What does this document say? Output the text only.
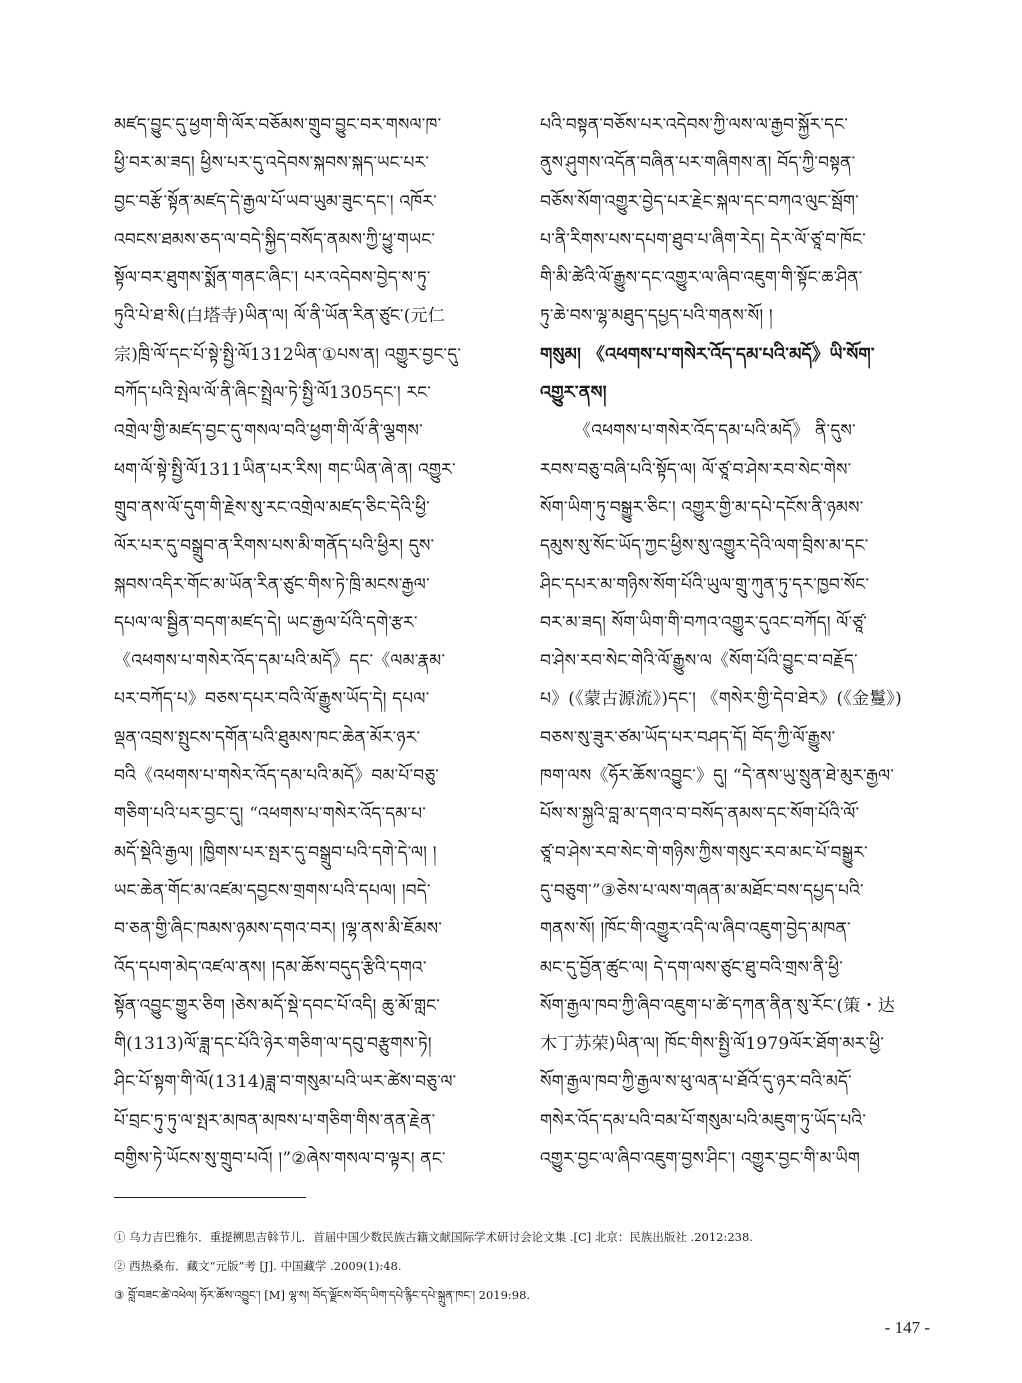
མཛད་བྱུང་དུ་ཕྱག་གི་ལོར་བཅོམས་གྲུབ་བྱུང་བར་གསལ་ཁ་
ཕྱི་བར་མ་ཟད། ཕྱིས་པར་དུ་འདེབས་སྐབས་སྐད་ཡང་པར་
བྱང་བརྩོ་སྟོན་མཛད་དེ་རྒྱལ་པོ་ཡབ་ཡུམ་ཟུང་དང་། འཁོར་
འབངས་ཐམས་ཅད་ལ་བདེ་སྐྱིད་བསོད་ནམས་ཀྱི་ཕྱུ་གཡང་
སྟོལ་བར་ཐུགས་སྨོན་གནང་ཞིང་། པར་འདེབས་བྱེད་ས་ཏུ་
ཏུའི་པེ་ཐ་སི(白塔寺)ཡིན་ལ། ལོ་ནི་ཡོན་རིན་ཙུང་(元仁
宗)ཁྲི་ལོ་དང་པོ་སྟེ་སྤྱི་ལོ1312ཡིན་①པས་ན། འགྱུར་བྱང་དུ་
བཀོད་པའི་སྤེལ་ལོ་ནི་ཞིང་སྤྲེལ་ཏེ་སྤྱི་ལོ1305དང་། རང་
འགྲེལ་གྱི་མཛད་བྱང་དུ་གསལ་བའི་ཕྱག་གི་ལོ་ནི་ལྕགས་
ཕག་ལོ་སྟེ་སྤྱི་ལོ1311ཡིན་པར་རིས། གང་ཡིན་ཞེ་ན། འགྱུར་
གྲུབ་ནས་ལོ་དུག་གི་རྗེས་སུ་རང་འགྲེལ་མཛད་ཅིང་དེའི་ཕྱི་
ལོར་པར་དུ་བསྒྲུབ་ན་རིགས་པས་མི་གནོད་པའི་ཕྱིར། དུས་
སྐབས་འདིར་གོང་མ་ཡོན་རིན་ཙུང་གིས་ཏེ་ཁྲི་མངས་རྒྱལ་
དཔལ་ལ་སྦྱིན་བདག་མཛད་དེ། ཡང་རྒྱལ་པོའི་དགེ་རྩར་
《འཕགས་པ་གསེར་འོད་དམ་པའི་མདོ》དང་《ལམ་རྣམ་
པར་བཀོད་པ》བཅས་དཔར་བའི་ལོ་རྒྱུས་ཡོད་དེ། དཔལ་
ལྡན་འབྲས་སྤུངས་དགོན་པའི་ཐུམས་ཁང་ཆེན་མོར་ཉར་
བའི《འཕགས་པ་གསེར་འོད་དམ་པའི་མདོ》བམ་པོ་བཅུ་
གཅིག་པའི་པར་བྱང་དུ། “འཕགས་པ་གསེར་འོད་དམ་པ་
མདོ་སྡེའི་རྒྱལ། །ཁྱིགས་པར་སྤར་དུ་བསྒྲུབ་པའི་དགེ་དེ་ལ། །
ཡང་ཆེན་གོང་མ་འཛམ་དབྱངས་གྲགས་པའི་དཔལ། །བདེ་
བ་ཅན་གྱི་ཞིང་ཁམས་ཉམས་དགའ་བར། །ལྷ་ནས་མི་ཇོམས་
འོད་དཔག་མེད་འཛལ་ནས། །དམ་ཆོས་བདུད་རྩིའི་དགའ་
སྟོན་འབྱུང་གྱུར་ཅིག །ཅེས་མདོ་སྡེ་དབང་པོ་འདི། ཆུ་མོ་གླང་
གི(1313)ལོ་ཟླ་དང་པོའི་ཉེར་གཅིག་ལ་དབུ་བརྩུགས་ཏེ།
ཤིང་པོ་སྟག་གི་ལོ(1314)ཟླ་བ་གསུམ་པའི་ཡར་ཚེས་བཅུ་ལ་
པོ་བྲང་ཏུ་ཏུ་ལ་སྤར་མཁན་མཁས་པ་གཅིག་གིས་ནན་རྗེན་
བགྱིས་ཏེ་ཡོངས་སུ་གྲུབ་པའོ། །”②ཞེས་གསལ་བ་ལྟར། ནང་
པའི་བསྟན་བཅོས་པར་འདེབས་ཀྱི་ལས་ལ་རྒྱབ་སྐྱོར་དང་
ནུས་ཤུགས་འདོན་བཞིན་པར་གཞིགས་ན། བོད་ཀྱི་བསྟན་
བཅོས་སོག་འགྱུར་བྱེད་པར་རྗེང་སྐལ་དང་བཀའ་ལུང་སྦོག་
པ་ནི་རིགས་པས་དཔག་ཐུབ་པ་ཞིག་རེད། དེར་ལོ་ཙཱ་བ་ཁོང་
གི་མི་ཚེའི་ལོ་རྒྱུས་དང་འགྱུར་ལ་ཞིབ་འཇུག་གི་སྟོང་ཆ་ཤིན་
ཏུ་ཆེ་བས་ལྷ་མཐུད་དཔྱད་པའི་གནས་སོ། །
གསུམ། 《འཕགས་པ་གསེར་འོད་དམ་པའི་མདོ》ཡི་སོག་
འགྱུར་ནས།
《འཕགས་པ་གསེར་འོད་དམ་པའི་མདོ》 ནི་དུས་
རབས་བཅུ་བཞི་པའི་སྟོད་ལ། ལོ་ཙཱ་བ་ཤེས་རབ་སེང་གེས་
སོག་ཡིག་ཏུ་བསྒྱུར་ཅིང་། འགྱུར་གྱི་མ་དཔེ་དངོས་ནི་ཉམས་
དམུས་སུ་སོང་ཡོད་ཀྱང་ཕྱིས་སུ་འགྱུར་དེའི་ལག་བྲིས་མ་དང་
ཤིང་དཔར་མ་གཉིས་སོག་པོའི་ཡུལ་གྲུ་ཀུན་ཏུ་དར་ཁྱབ་སོང་
བར་མ་ཟད། སོག་ཡིག་གི་བཀའ་འགྱུར་དུའང་བཀོད། ལོ་ཙཱ་
བ་ཤེས་རབ་སེང་གེའི་ལོ་རྒྱུས་ལ《སོག་པོའི་བྱུང་བ་བརྗོད་
པ》(《蒙古源流》)དང་། 《གསེར་གྱི་དེབ་ཐེར》(《金鬘》)
བཅས་སུ་ཟུར་ཙམ་ཡོད་པར་བཤད་དོ། བོད་ཀྱི་ལོ་རྒྱུས་
ཁག་ལས《ཧོར་ཆོས་འབྱུང་》དུ། “དེ་ནས་ཡུ་སྲུན་ཐེ་མུར་རྒྱལ་
པོས་ས་སྐྱའི་བླ་མ་དགའ་བ་བསོད་ནམས་དང་སོག་པོའི་ལོ་
ཙཱ་བ་ཤེས་རབ་སེང་གེ་གཉིས་ཀྱིས་གསུང་རབ་མང་པོ་བསྒྱུར་
དུ་བཅུག་”③ཅེས་པ་ལས་གཞན་མ་མཐོང་བས་དཔྱད་པའི་
གནས་སོ། །ཁོང་གི་འགྱུར་འདི་ལ་ཞིབ་འཇུག་བྱེད་མཁན་
མང་དུ་བྱོན་ཚུང་ལ། དེ་དག་ལས་ཙུང་ཐུ་བའི་གྲས་ནི་ཕྱི་
སོག་རྒྱལ་ཁབ་ཀྱི་ཞིབ་འཇུག་པ་ཚེ་དཀན་ནིན་སུ་རོང་(策・达
木丁苏荣)ཡིན་ལ། ཁོང་གིས་སྤྱི་ལོ1979ལོར་ཐོག་མར་ཕྱི་
སོག་རྒྱལ་ཁབ་ཀྱི་རྒྱལ་ས་ཕུ་ལན་པ་ཐོའོ་དུ་ཉར་བའི་མདོ་
གསེར་འོད་དམ་པའི་བམ་པོ་གསུམ་པའི་མཇུག་ཏུ་ཡོད་པའི་
འགྱུར་བྱང་ལ་ཞིབ་འཇུག་བྱས་ཤིང་། འགྱུར་བྱང་གི་མ་ཡིག
① 乌力吉巴雅尔．重提搠思吉斡节儿．首届中国少数民族古籍文献国际学术研讨会论文集 .[C] 北京：民族出版社 .2012:238.
② 西热桑布．藏文“元版”考 [J]. 中国藏学 .2009(1):48.
③ བློ་བཟང་ཚེ་འཕེལ། ཧོར་ཆོས་འབྱུང་། [M] ལྷ་ས། བོད་ལྗོངས་བོད་ཡིག་དཔེ་རྙིང་དཔེ་སྐྲུན་ཁང་། 2019:98.
- 147 -
